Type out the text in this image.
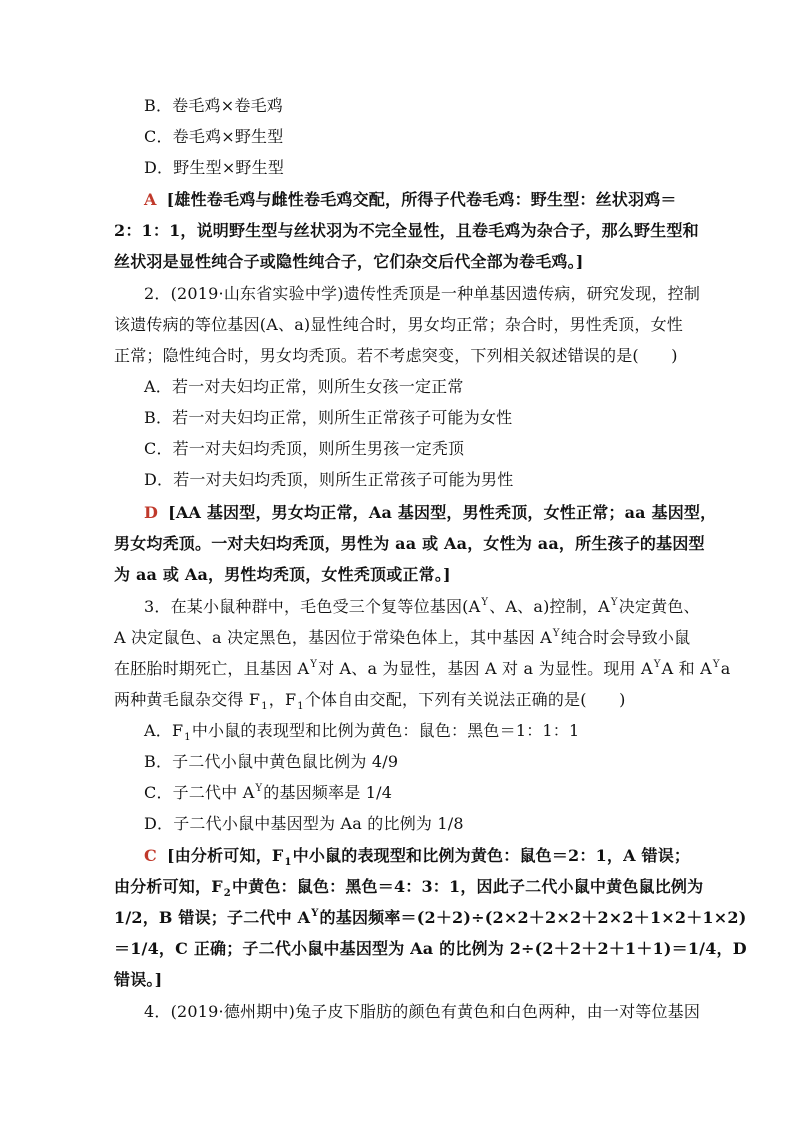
B．卷毛鸡×卷毛鸡
C．卷毛鸡×野生型
D．野生型×野生型
A [雄性卷毛鸡与雌性卷毛鸡交配，所得子代卷毛鸡：野生型：丝状羽鸡＝
2：1：1，说明野生型与丝状羽为不完全显性，且卷毛鸡为杂合子，那么野生型和
丝状羽是显性纯合子或隐性纯合子，它们杂交后代全部为卷毛鸡。]
2．(2019·山东省实验中学)遗传性秃顶是一种单基因遗传病，研究发现，控制
该遗传病的等位基因(A、a)显性纯合时，男女均正常；杂合时，男性秃顶，女性
正常；隐性纯合时，男女均秃顶。若不考虑突变，下列相关叙述错误的是(　　)
A．若一对夫妇均正常，则所生女孩一定正常
B．若一对夫妇均正常，则所生正常孩子可能为女性
C．若一对夫妇均秃顶，则所生男孩一定秃顶
D．若一对夫妇均秃顶，则所生正常孩子可能为男性
D [AA 基因型，男女均正常，Aa 基因型，男性秃顶，女性正常；aa 基因型，
男女均秃顶。一对夫妇均秃顶，男性为 aa 或 Aa，女性为 aa，所生孩子的基因型
为 aa 或 Aa，男性均秃顶，女性秃顶或正常。]
3．在某小鼠种群中，毛色受三个复等位基因($A^Y$、A、a)控制，$A^Y$决定黄色、
A 决定鼠色、a 决定黑色，基因位于常染色体上，其中基因 $A^Y$纯合时会导致小鼠
在胚胎时期死亡，且基因 $A^Y$对 A、a 为显性，基因 A 对 a 为显性。现用 $A^YA$ 和 $A^Ya$
两种黄毛鼠杂交得 $F_1$，$F_1$个体自由交配，下列有关说法正确的是(　　)
A．$F_1$中小鼠的表现型和比例为黄色：鼠色：黑色＝1：1：1
B．子二代小鼠中黄色鼠比例为 4/9
C．子二代中 $A^Y$的基因频率是 1/4
D．子二代小鼠中基因型为 Aa 的比例为 1/8
C [由分析可知，$F_1$中小鼠的表现型和比例为黄色：鼠色＝2：1，A 错误；
由分析可知，$F_2$中黄色：鼠色：黑色＝4：3：1，因此子二代小鼠中黄色鼠比例为
1/2，B 错误；子二代中 $A^Y$的基因频率＝(2＋2)÷(2×2＋2×2＋2×2＋1×2＋1×2)
＝1/4，C 正确；子二代小鼠中基因型为 Aa 的比例为 2÷(2＋2＋2＋1＋1)＝1/4，D
错误。]
4．(2019·德州期中)兔子皮下脂肪的颜色有黄色和白色两种，由一对等位基因
